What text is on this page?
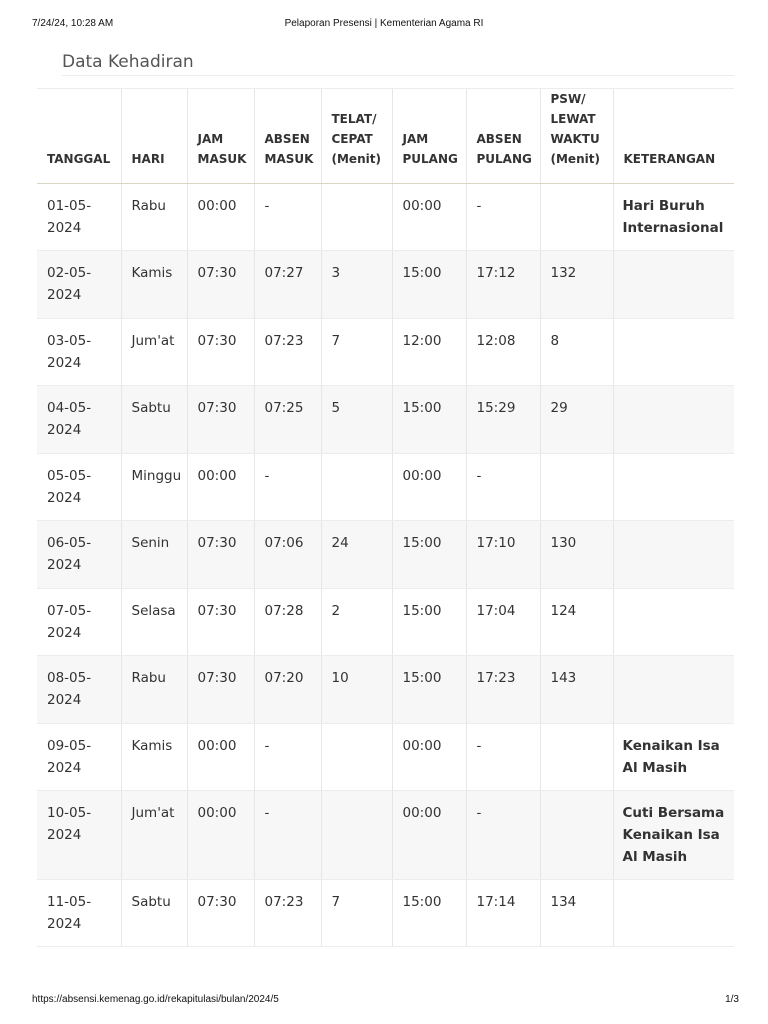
7/24/24, 10:28 AM	Pelaporan Presensi | Kementerian Agama RI
Data Kehadiran
TANGGAL	HARI	JAM MASUK	ABSEN MASUK	TELAT/ CEPAT (Menit)	JAM PULANG	ABSEN PULANG	PSW/ LEWAT WAKTU (Menit)	KETERANGAN
01-05-2024	Rabu	00:00	-		00:00	-		Hari Buruh Internasional
02-05-2024	Kamis	07:30	07:27	3	15:00	17:12	132	
03-05-2024	Jum'at	07:30	07:23	7	12:00	12:08	8	
04-05-2024	Sabtu	07:30	07:25	5	15:00	15:29	29	
05-05-2024	Minggu	00:00	-		00:00	-		
06-05-2024	Senin	07:30	07:06	24	15:00	17:10	130	
07-05-2024	Selasa	07:30	07:28	2	15:00	17:04	124	
08-05-2024	Rabu	07:30	07:20	10	15:00	17:23	143	
09-05-2024	Kamis	00:00	-		00:00	-		Kenaikan Isa Al Masih
10-05-2024	Jum'at	00:00	-		00:00	-		Cuti Bersama Kenaikan Isa Al Masih
11-05-2024	Sabtu	07:30	07:23	7	15:00	17:14	134	
https://absensi.kemenag.go.id/rekapitulasi/bulan/2024/5	1/3
